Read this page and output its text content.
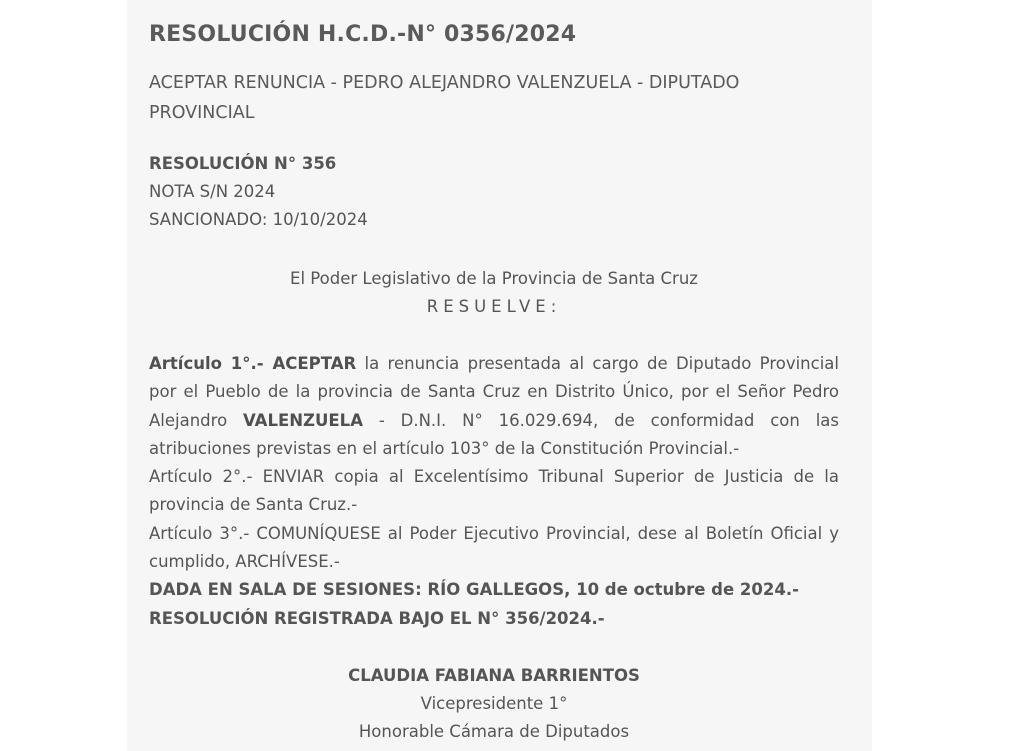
RESOLUCIÓN H.C.D.-N° 0356/2024
ACEPTAR RENUNCIA - PEDRO ALEJANDRO VALENZUELA - DIPUTADO PROVINCIAL
RESOLUCIÓN N° 356
NOTA S/N 2024
SANCIONADO: 10/10/2024
El Poder Legislativo de la Provincia de Santa Cruz
RESUELVE:

Artículo 1°.- ACEPTAR la renuncia presentada al cargo de Diputado Provincial por el Pueblo de la provincia de Santa Cruz en Distrito Único, por el Señor Pedro Alejandro VALENZUELA - D.N.I. N° 16.029.694, de conformidad con las atribuciones previstas en el artículo 103° de la Constitución Provincial.-

Artículo 2°.- ENVIAR copia al Excelentísimo Tribunal Superior de Justicia de la provincia de Santa Cruz.-

Artículo 3°.- COMUNÍQUESE al Poder Ejecutivo Provincial, dese al Boletín Oficial y cumplido, ARCHÍVESE.-

DADA EN SALA DE SESIONES: RÍO GALLEGOS, 10 de octubre de 2024.-

RESOLUCIÓN REGISTRADA BAJO EL N° 356/2024.-

CLAUDIA FABIANA BARRIENTOS
Vicepresidente 1°
Honorable Cámara de Diputados
